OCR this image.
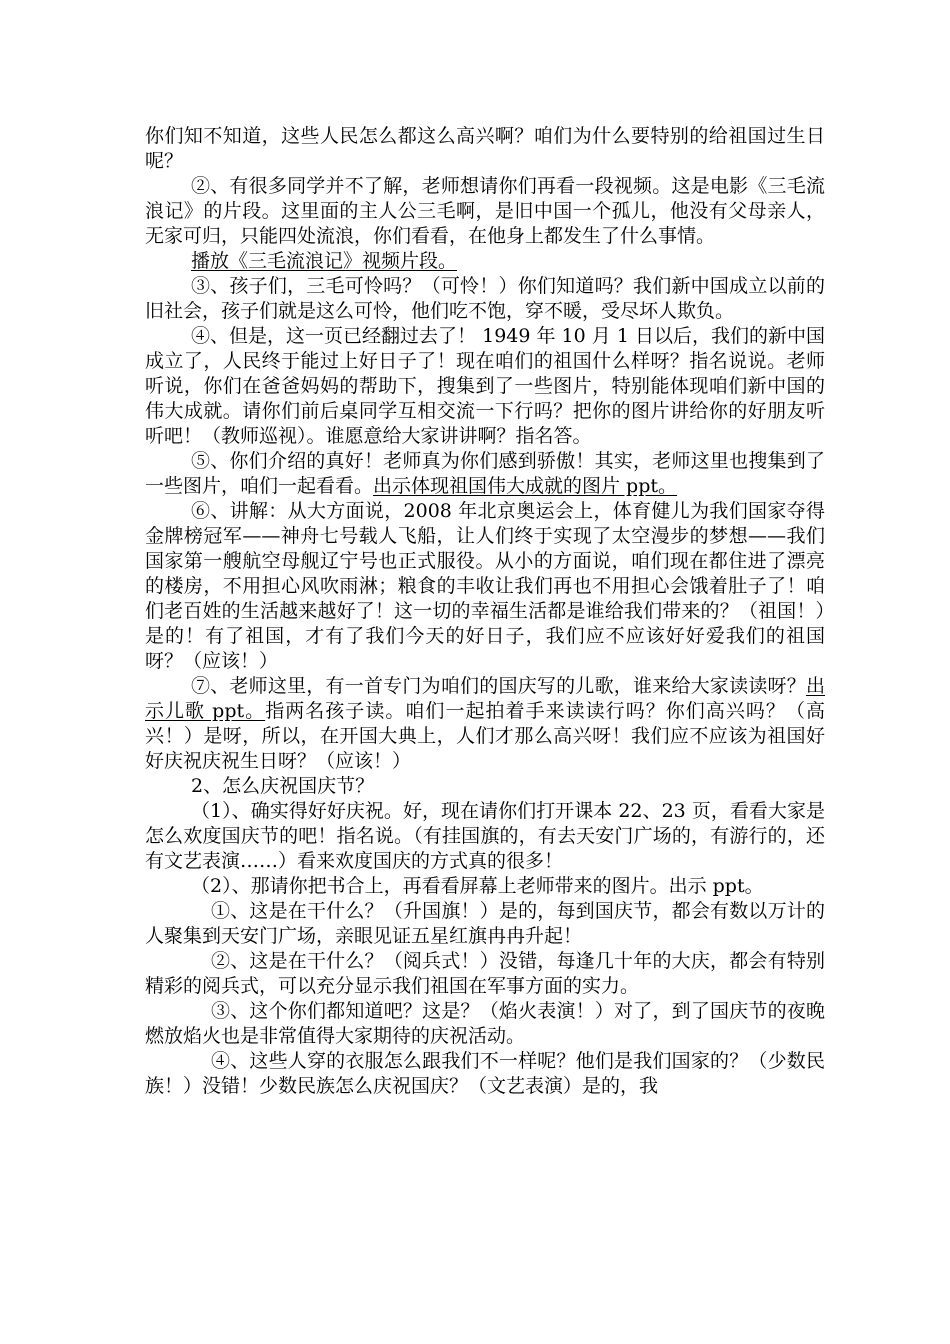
你们知不知道，这些人民怎么都这么高兴啊？咱们为什么要特别的给祖国过生日呢？

②、有很多同学并不了解，老师想请你们再看一段视频。这是电影《三毛流浪记》的片段。这里面的主人公三毛啊，是旧中国一个孤儿，他没有父母亲人，无家可归，只能四处流浪，你们看看，在他身上都发生了什么事情。

播放《三毛流浪记》视频片段。

③、孩子们，三毛可怜吗？（可怜！）你们知道吗？我们新中国成立以前的旧社会，孩子们就是这么可怜，他们吃不饱，穿不暖，受尽坏人欺负。

④、但是，这一页已经翻过去了！ 1949 年 10 月 1 日以后，我们的新中国成立了，人民终于能过上好日子了！现在咱们的祖国什么样呀？指名说说。老师听说，你们在爸爸妈妈的帮助下，搜集到了一些图片，特别能体现咱们新中国的伟大成就。请你们前后桌同学互相交流一下行吗？把你的图片讲给你的好朋友听听吧！（教师巡视）。谁愿意给大家讲讲啊？指名答。

⑤、你们介绍的真好！老师真为你们感到骄傲！其实，老师这里也搜集到了一些图片，咱们一起看看。出示体现祖国伟大成就的图片 ppt。

⑥、讲解：从大方面说，2008 年北京奥运会上，体育健儿为我们国家夺得金牌榜冠军——神舟七号载人飞船，让人们终于实现了太空漫步的梦想——我们国家第一艘航空母舰辽宁号也正式服役。从小的方面说，咱们现在都住进了漂亮的楼房，不用担心风吹雨淋；粮食的丰收让我们再也不用担心会饿着肚子了！咱们老百姓的生活越来越好了！这一切的幸福生活都是谁给我们带来的？（祖国！）是的！有了祖国，才有了我们今天的好日子，我们应不应该好好爱我们的祖国呀？（应该！）

⑦、老师这里，有一首专门为咱们的国庆写的儿歌，谁来给大家读读呀？出示儿歌 ppt。指两名孩子读。咱们一起拍着手来读读行吗？你们高兴吗？（高兴！）是呀，所以，在开国大典上，人们才那么高兴呀！我们应不应该为祖国好好庆祝庆祝生日呀？（应该！）

2、怎么庆祝国庆节？

（1）、确实得好好庆祝。好，现在请你们打开课本 22、23 页，看看大家是怎么欢度国庆节的吧！指名说。（有挂国旗的，有去天安门广场的，有游行的，还有文艺表演……）看来欢度国庆的方式真的很多！

（2）、那请你把书合上，再看看屏幕上老师带来的图片。出示 ppt。

①、这是在干什么？（升国旗！）是的，每到国庆节，都会有数以万计的人聚集到天安门广场，亲眼见证五星红旗冉冉升起！

②、这是在干什么？（阅兵式！）没错，每逢几十年的大庆，都会有特别精彩的阅兵式，可以充分显示我们祖国在军事方面的实力。

③、这个你们都知道吧？这是？（焰火表演！）对了，到了国庆节的夜晚燃放焰火也是非常值得大家期待的庆祝活动。

④、这些人穿的衣服怎么跟我们不一样呢？他们是我们国家的？（少数民族！）没错！少数民族怎么庆祝国庆？（文艺表演）是的，我
